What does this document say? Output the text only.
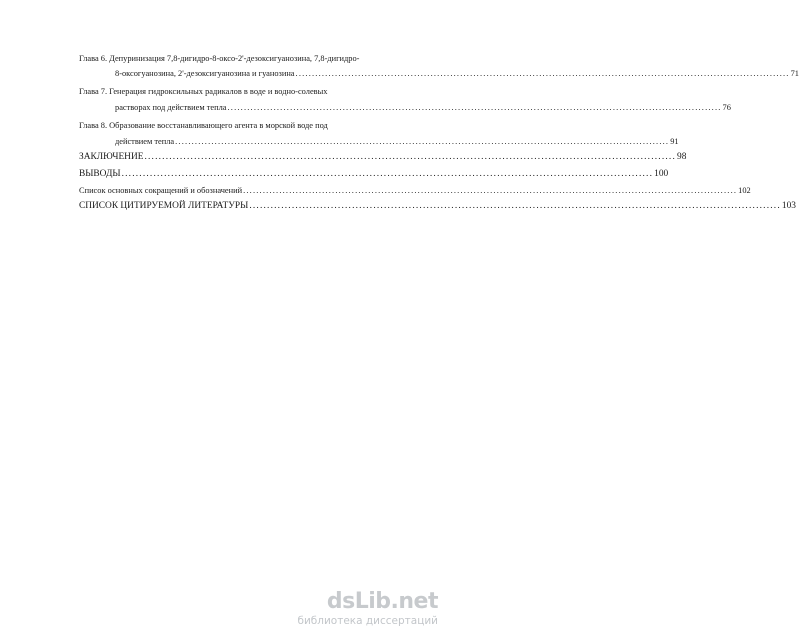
Глава 6. Депуринизация 7,8-дигидро-8-оксо-2'-дезоксигуанозина, 7,8-дигидро-
8-оксогуанозина, 2'-дезоксигуанозина и гуанозина ...................................................................................................................................................... 71
Глава 7. Генерация гидроксильных радикалов в воде и водно-солевых
растворах под действием тепла ...................................................................................................................................................... 76
Глава 8. Образование восстанавливающего агента в морской воде под
действием тепла ...................................................................................................................................................... 91
ЗАКЛЮЧЕНИЕ ...................................................................................................................................................... 98
ВЫВОДЫ ...................................................................................................................................................... 100
Список основных сокращений и обозначений ...................................................................................................................................................... 102
СПИСОК ЦИТИРУЕМОЙ ЛИТЕРАТУРЫ ...................................................................................................................................................... 103
dsLib.net
библиотека диссертаций
